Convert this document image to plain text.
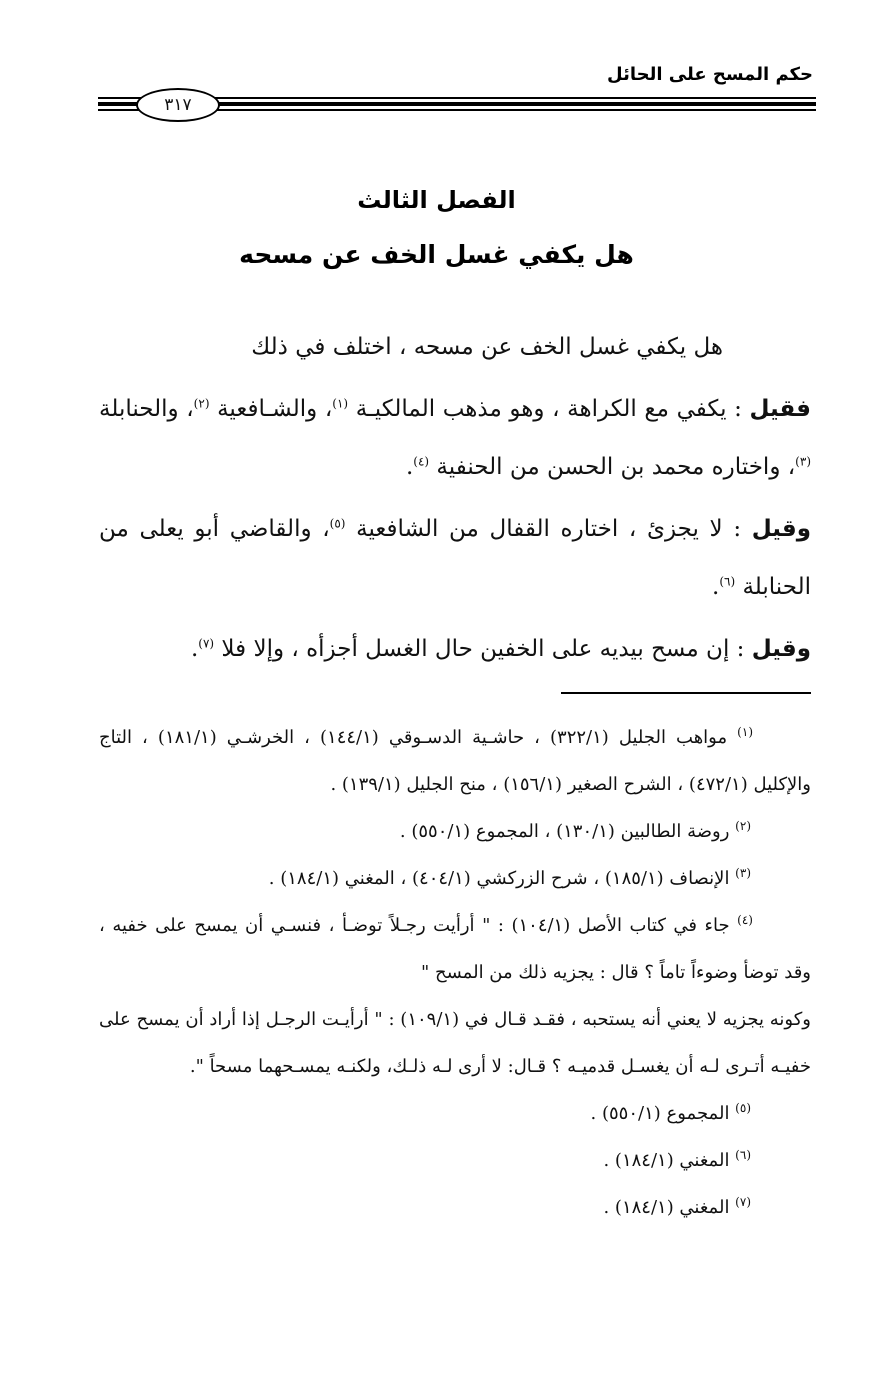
حكم المسح على الحائل
٣١٧
الفصل الثالث
هل يكفي غسل الخف عن مسحه

هل يكفي غسل الخف عن مسحه ، اختلف في ذلك

فقيل : يكفي مع الكراهة ، وهو مذهب المالكيـة $^{(١)}$، والشـافعية $^{(٢)}$، والحنابلة $^{(٣)}$، واختاره محمد بن الحسن من الحنفية $^{(٤)}$.

وقيل : لا يجزئ ، اختاره القفال من الشافعية $^{(٥)}$، والقاضي أبو يعلى من الحنابلة $^{(٦)}$.

وقيل : إن مسح بيديه على الخفين حال الغسل أجزأه ، وإلا فلا $^{(٧)}$.

$^{(١)}$ مواهب الجليل (٣٢٢/١) ، حاشـية الدسـوقي (١٤٤/١) ، الخرشـي (١٨١/١) ، التاج والإكليل (٤٧٢/١) ، الشرح الصغير (١٥٦/١) ، منح الجليل (١٣٩/١) .

$^{(٢)}$ روضة الطالبين (١٣٠/١) ، المجموع (٥٥٠/١) .

$^{(٣)}$ الإنصاف (١٨٥/١) ، شرح الزركشي (٤٠٤/١) ، المغني (١٨٤/١) .

$^{(٤)}$ جاء في كتاب الأصل (١٠٤/١) : " أرأيت رجـلاً توضـأ ، فنسـي أن يمسح على خفيه ، وقد توضأ وضوءاً تاماً ؟ قال : يجزيه ذلك من المسح "

وكونه يجزيه لا يعني أنه يستحبه ، فقـد قـال في (١٠٩/١) : " أرأيـت الرجـل إذا أراد أن يمسح على خفيـه أتـرى لـه أن يغسـل قدميـه ؟ قـال: لا أرى لـه ذلـك، ولكنـه يمسـحهما مسحاً ".

$^{(٥)}$ المجموع (٥٥٠/١) .

$^{(٦)}$ المغني (١٨٤/١) .

$^{(٧)}$ المغني (١٨٤/١) .
